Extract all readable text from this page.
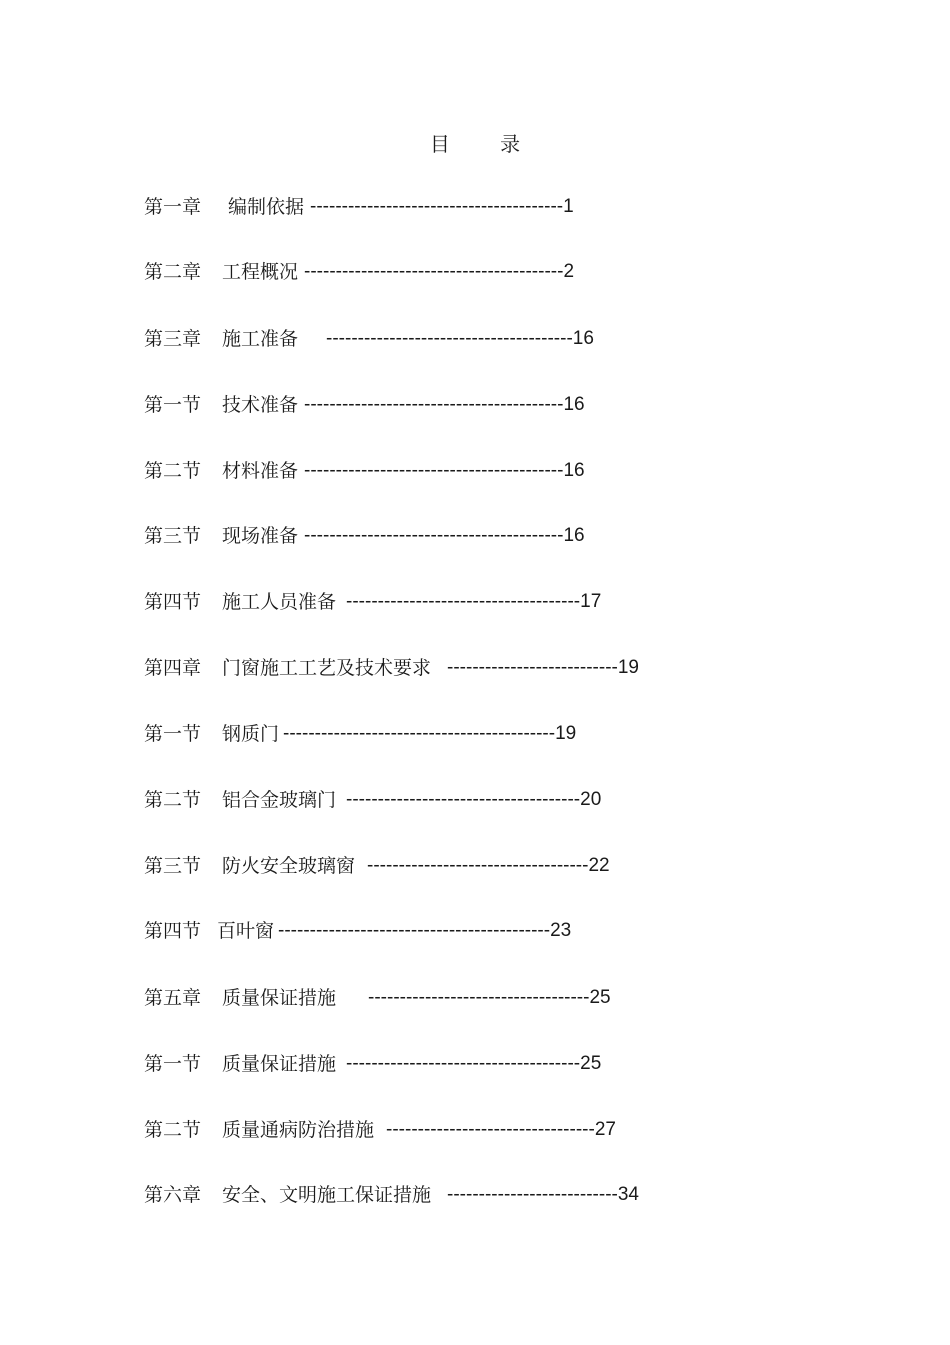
目 录
第一章 编制依据 ----------------------------------------1
第二章 工程概况 -----------------------------------------2
第三章 施工准备 ---------------------------------------16
第一节 技术准备 -----------------------------------------16
第二节 材料准备 -----------------------------------------16
第三节 现场准备 -----------------------------------------16
第四节 施工人员准备 -------------------------------------17
第四章 门窗施工工艺及技术要求 ---------------------------19
第一节 钢质门 -------------------------------------------19
第二节 铝合金玻璃门 -------------------------------------20
第三节 防火安全玻璃窗 -----------------------------------22
第四节 百叶窗 -------------------------------------------23
第五章 质量保证措施 -----------------------------------25
第一节 质量保证措施 -------------------------------------25
第二节 质量通病防治措施 ---------------------------------27
第六章 安全、文明施工保证措施 ---------------------------34
